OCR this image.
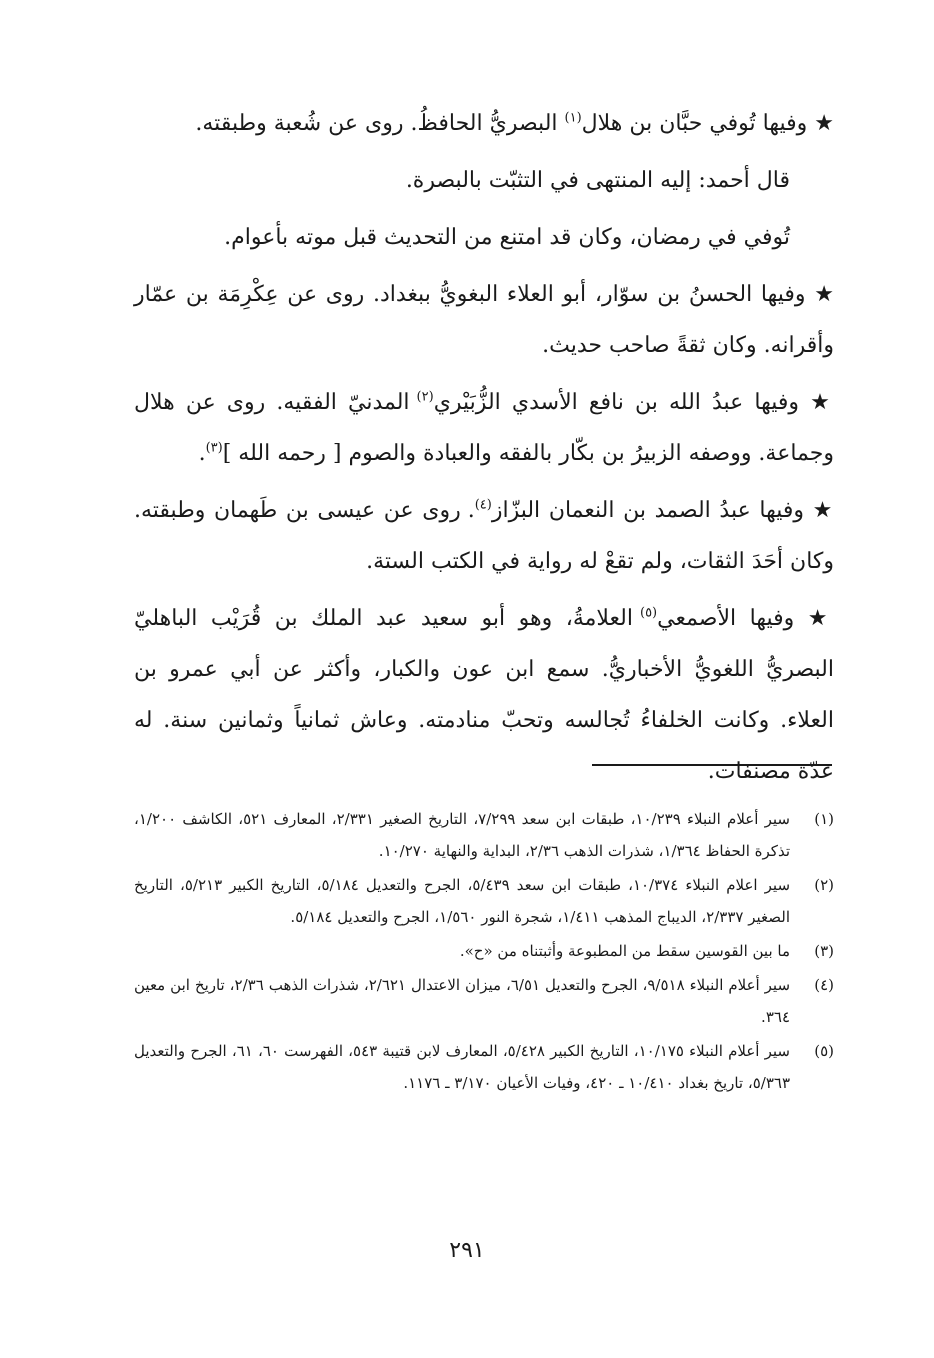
★ وفيها تُوفي حبَّان بن هلال$^{(١)}$ البصريُّ الحافظُ. روى عن شُعبة وطبقته.

قال أحمد: إليه المنتهى في التثبّت بالبصرة.

تُوفي في رمضان، وكان قد امتنع من التحديث قبل موته بأعوام.

★ وفيها الحسنُ بن سوّار، أبو العلاء البغويُّ ببغداد. روى عن عِكْرِمَة بن عمّار وأقرانه. وكان ثقةً صاحب حديث.

★ وفيها عبدُ الله بن نافع الأسدي الزُّبَيْري$^{(٢)}$ المدنيّ الفقيه. روى عن هلال وجماعة. ووصفه الزبيرُ بن بكّار بالفقه والعبادة والصوم [ رحمه الله ]$^{(٣)}$.

★ وفيها عبدُ الصمد بن النعمان البزّاز$^{(٤)}$. روى عن عيسى بن طَهمان وطبقته. وكان أحَدَ الثقات، ولم تقعْ له رواية في الكتب الستة.

★ وفيها الأصمعي$^{(٥)}$ العلامةُ، وهو أبو سعيد عبد الملك بن قُرَيْب الباهليّ البصريُّ اللغويُّ الأخباريُّ. سمع ابن عون والكبار، وأكثر عن أبي عمرو بن العلاء. وكانت الخلفاءُ تُجالسه وتحبّ منادمته. وعاش ثمانياً وثمانين سنة. له عدّة مصنفات.

(١)
سير أعلام النبلاء ١٠/٢٣٩، طبقات ابن سعد ٧/٢٩٩، التاريخ الصغير ٢/٣٣١، المعارف ٥٢١، الكاشف ١/٢٠٠، تذكرة الحفاظ ١/٣٦٤، شذرات الذهب ٢/٣٦، البداية والنهاية ١٠/٢٧٠.

(٢)
سير اعلام النبلاء ١٠/٣٧٤، طبقات ابن سعد ٥/٤٣٩، الجرح والتعديل ٥/١٨٤، التاريخ الكبير ٥/٢١٣، التاريخ الصغير ٢/٣٣٧، الديباج المذهب ١/٤١١، شجرة النور ١/٥٦٠، الجرح والتعديل ٥/١٨٤.

(٣)
ما بين القوسين سقط من المطبوعة وأثبتناه من «ح».

(٤)
سير أعلام النبلاء ٩/٥١٨، الجرح والتعديل ٦/٥١، ميزان الاعتدال ٢/٦٢١، شذرات الذهب ٢/٣٦، تاريخ ابن معين ٣٦٤.

(٥)
سير أعلام النبلاء ١٠/١٧٥، التاريخ الكبير ٥/٤٢٨، المعارف لابن قتيبة ٥٤٣، الفهرست ٦٠، ٦١، الجرح والتعديل ٥/٣٦٣، تاريخ بغداد ١٠/٤١٠ ـ ٤٢٠، وفيات الأعيان ٣/١٧٠ ـ ١١٧٦.

٢٩١
